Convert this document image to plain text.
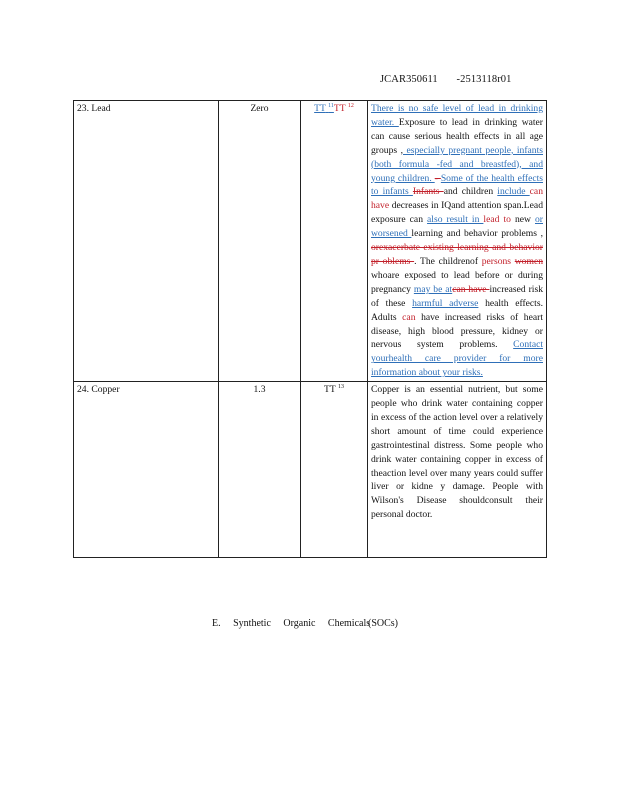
JCAR350611 -2513118r01
23. Lead	Zero	TT $^{11}$TT $^{12}$	There is no safe level of lead in drinking water. Exposure to lead in drinking water can cause serious health effects in all age groups , especially pregnant people, infants (both formula -fed and breastfed), and young children. - Some of the health effects to infants Infants and children include can have decreases in IQand attention span.Lead exposure can also result in lead to new or worsened learning and behavior problems , orexacerbate existing learning and behavior pr oblems . The childrenof persons women whoare exposed to lead before or during pregnancy may be atcan have increased risk of these harmful adverse health effects. Adults can have increased risks of heart disease, high blood pressure, kidney or nervous system problems. Contact yourhealth care provider for more information about your risks.
24. Copper	1.3	TT $^{13}$	Copper is an essential nutrient, but some people who drink water containing copper in excess of the action level over a relatively short amount of time could experience gastrointestinal distress. Some people who drink water containing copper in excess of theaction level over many years could suffer liver or kidne y damage. People with Wilson's Disease shouldconsult their personal doctor.
E. Synthetic Organic Chemicals
(SOCs)
